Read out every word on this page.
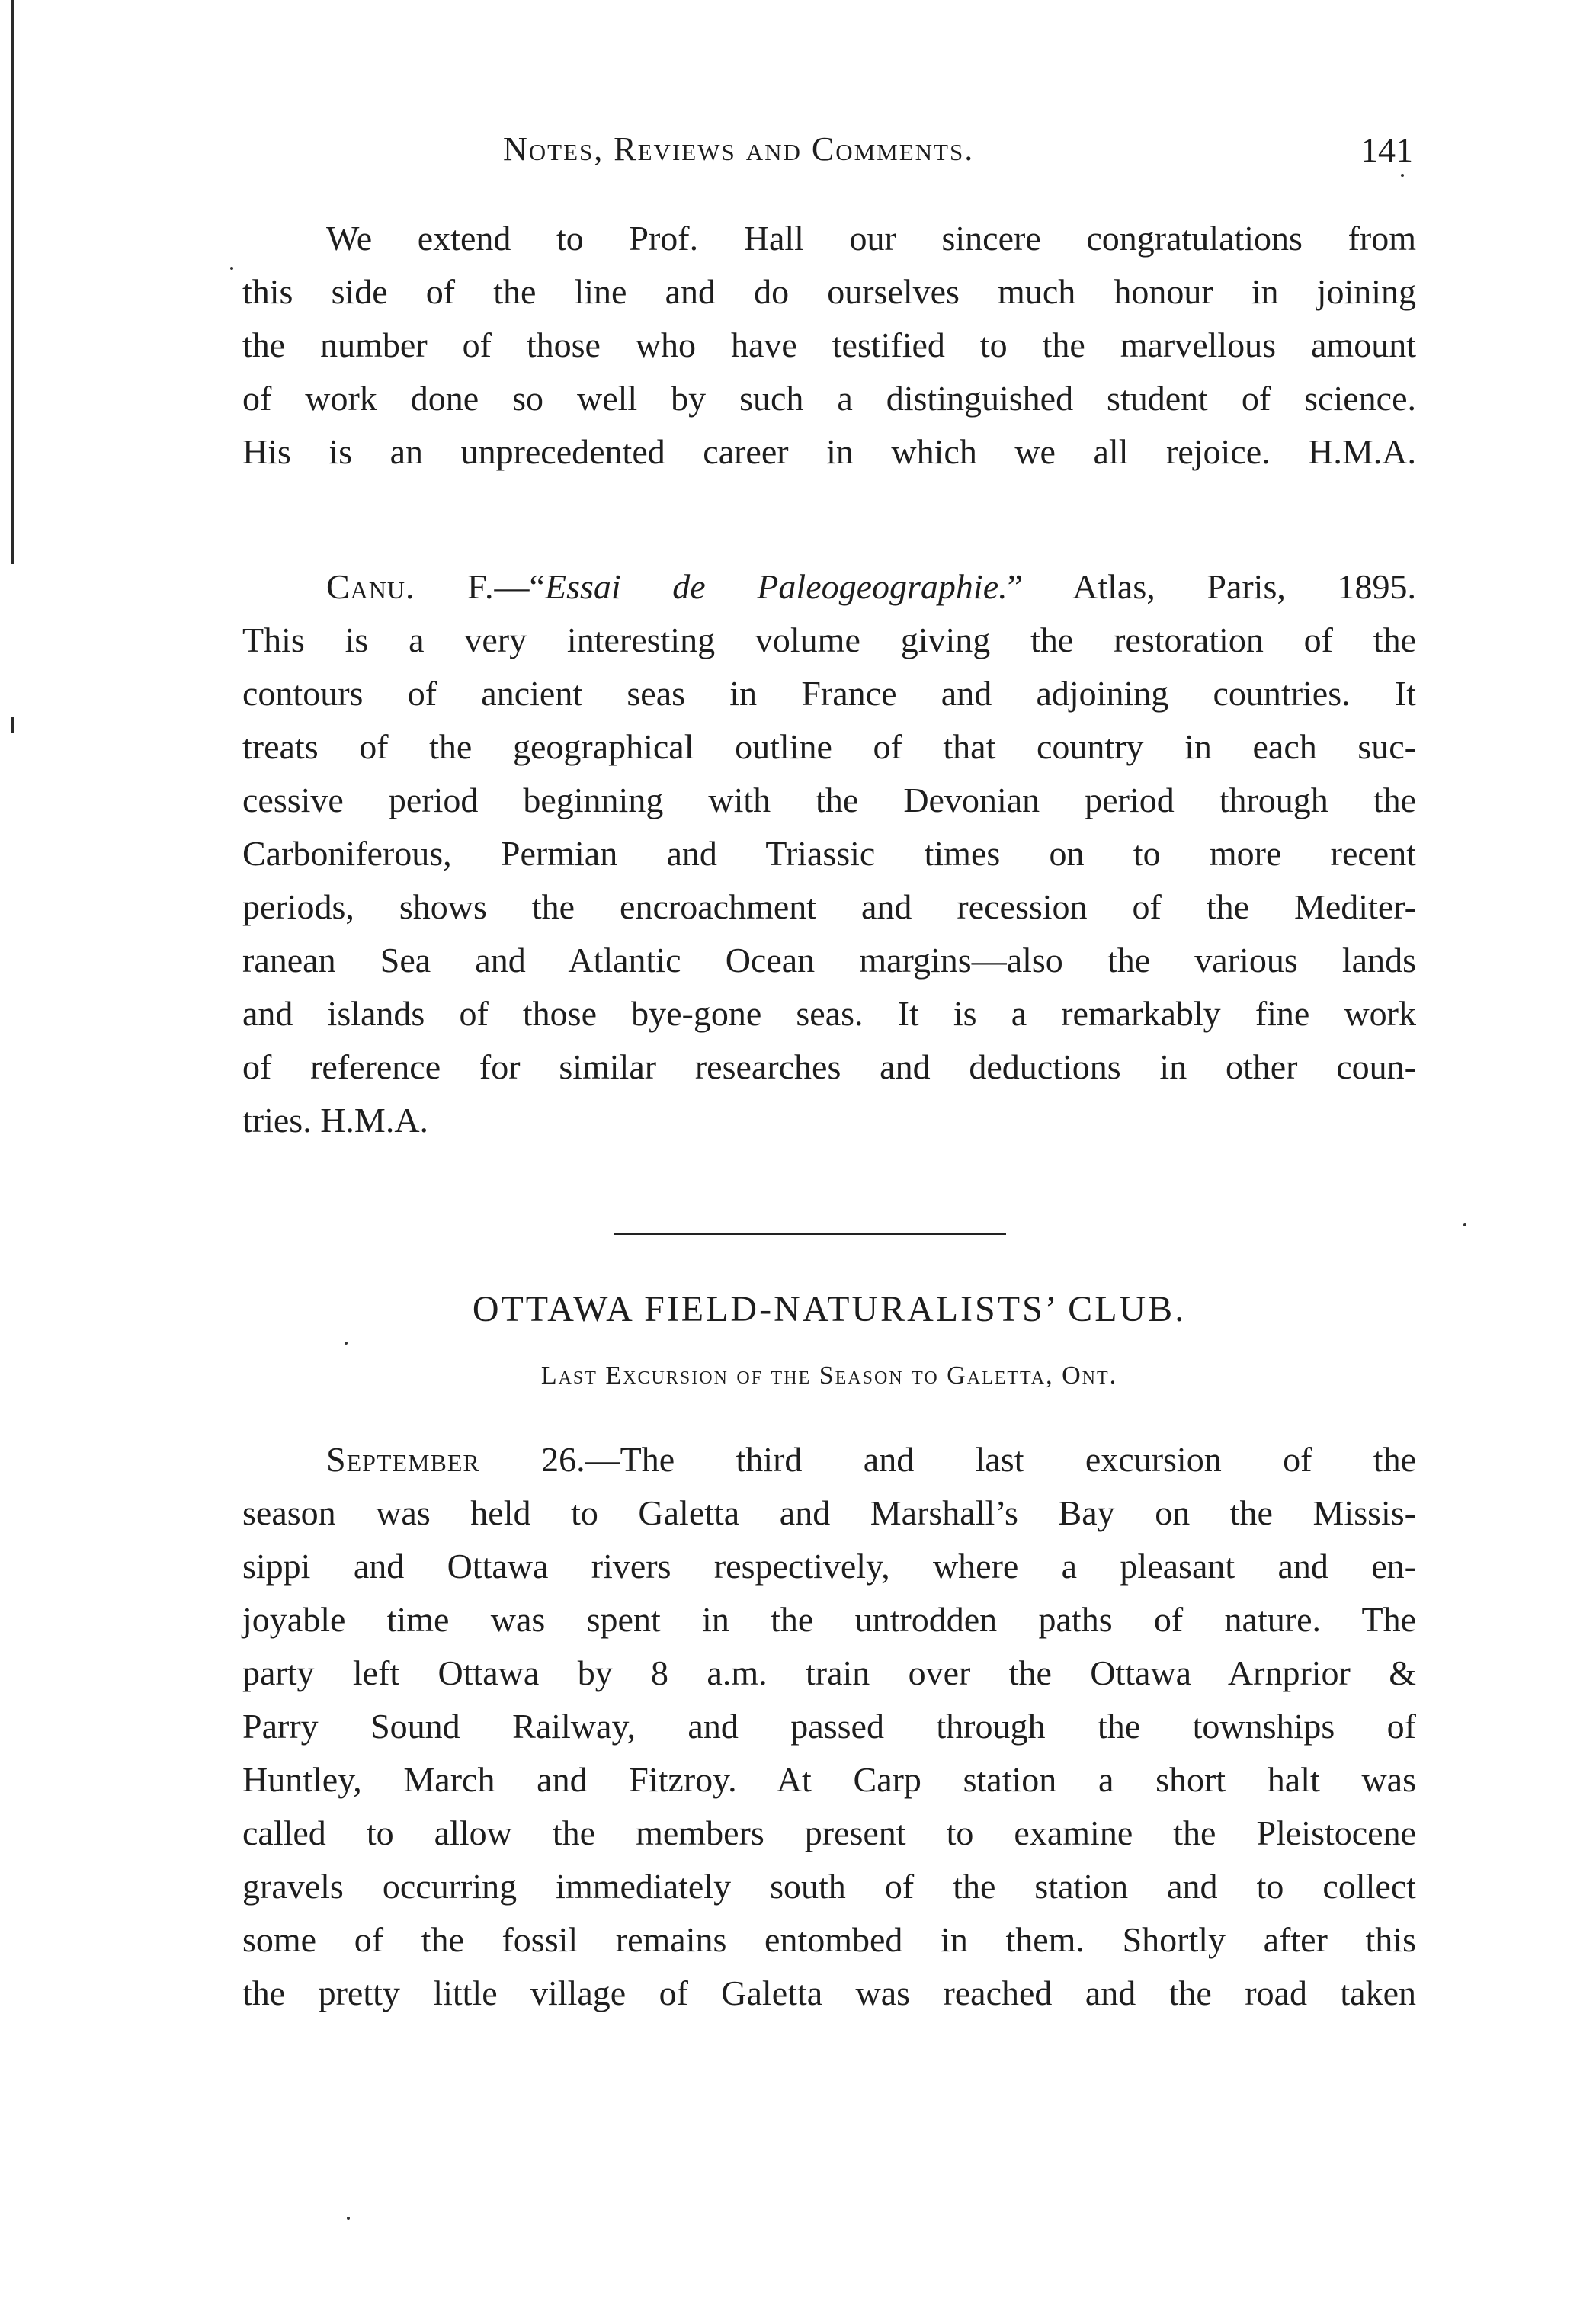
Notes, Reviews and Comments.	141
We extend to Prof. Hall our sincere congratulations from
this side of the line and do ourselves much honour in joining
the number of those who have testified to the marvellous amount
of work done so well by such a distinguished student of science.
His is an unprecedented career in which we all rejoice. H.M.A.
Canu. F.—“Essai de Paleogeographie.” Atlas, Paris, 1895.
This is a very interesting volume giving the restoration of the
contours of ancient seas in France and adjoining countries. It
treats of the geographical outline of that country in each suc-
cessive period beginning with the Devonian period through the
Carboniferous, Permian and Triassic times on to more recent
periods, shows the encroachment and recession of the Mediter-
ranean Sea and Atlantic Ocean margins—also the various lands
and islands of those bye-gone seas. It is a remarkably fine work
of reference for similar researches and deductions in other coun-
tries. H.M.A.
OTTAWA FIELD-NATURALISTS’ CLUB.
Last Excursion of the Season to Galetta, Ont.
September 26.—The third and last excursion of the
season was held to Galetta and Marshall’s Bay on the Missis-
sippi and Ottawa rivers respectively, where a pleasant and en-
joyable time was spent in the untrodden paths of nature. The
party left Ottawa by 8 a.m. train over the Ottawa Arnprior &
Parry Sound Railway, and passed through the townships of
Huntley, March and Fitzroy. At Carp station a short halt was
called to allow the members present to examine the Pleistocene
gravels occurring immediately south of the station and to collect
some of the fossil remains entombed in them. Shortly after this
the pretty little village of Galetta was reached and the road taken
